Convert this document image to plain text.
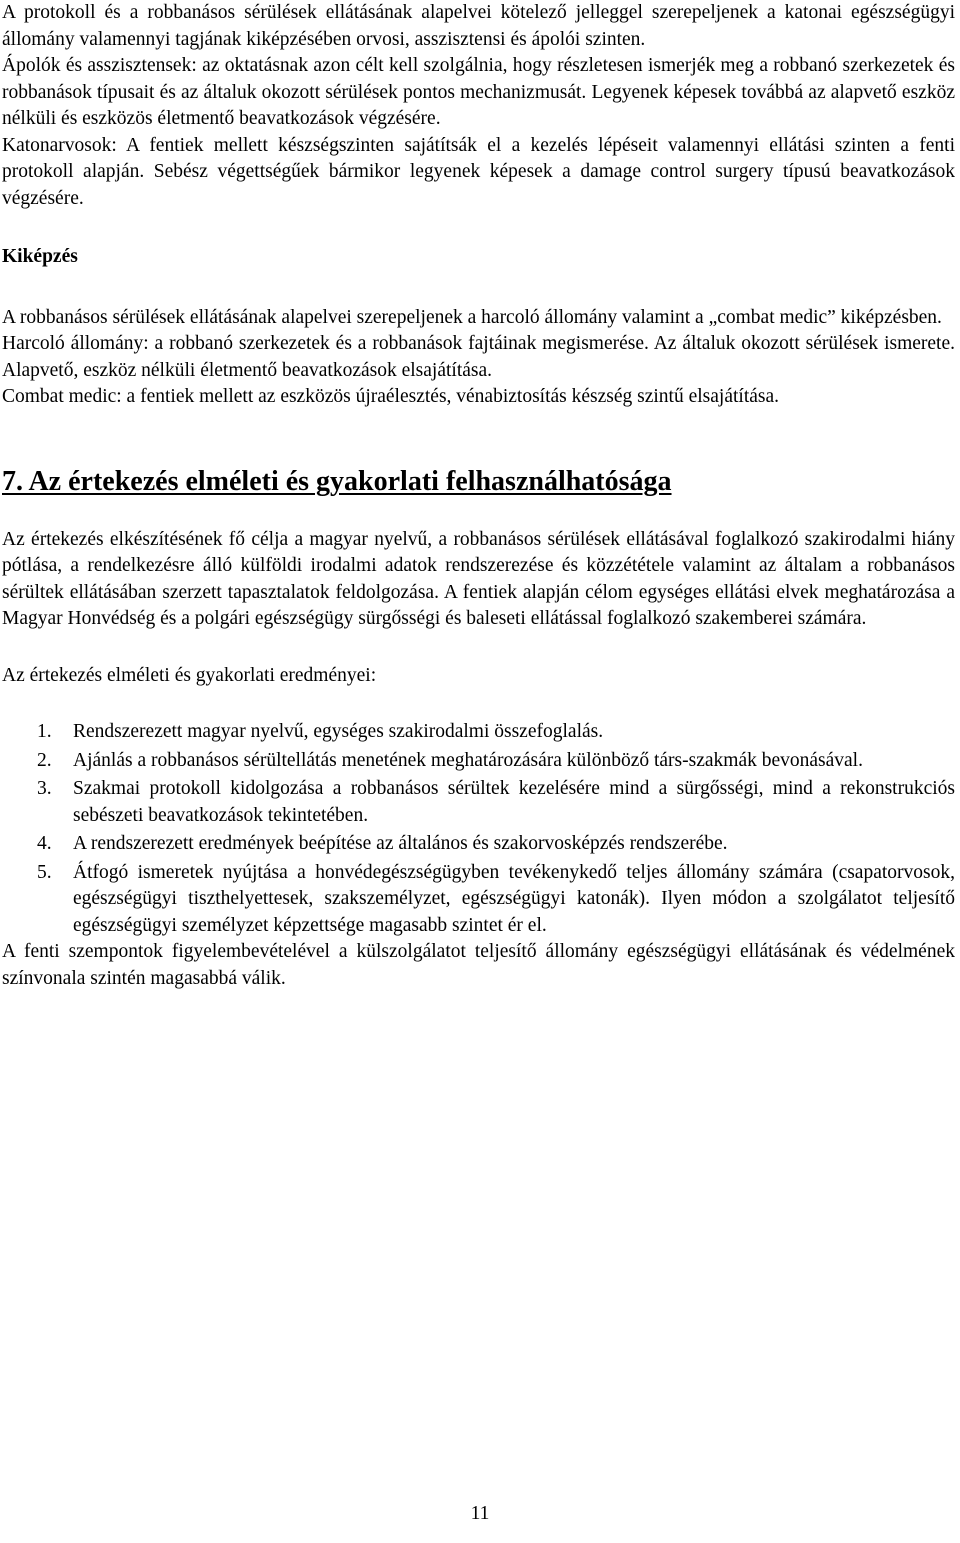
A protokoll és a robbanásos sérülések ellátásának alapelvei kötelező jelleggel szerepeljenek a katonai egészségügyi állomány valamennyi tagjának kiképzésében orvosi, asszisztensi és ápolói szinten.

Ápolók és asszisztensek: az oktatásnak azon célt kell szolgálnia, hogy részletesen ismerjék meg a robbanó szerkezetek és robbanások típusait és az általuk okozott sérülések pontos mechanizmusát. Legyenek képesek továbbá az alapvető eszköz nélküli és eszközös életmentő beavatkozások végzésére.

Katonarvosok: A fentiek mellett készségszinten sajátítsák el a kezelés lépéseit valamennyi ellátási szinten a fenti protokoll alapján. Sebész végettségűek bármikor legyenek képesek a damage control surgery típusú beavatkozások végzésére.

Kiképzés

A robbanásos sérülések ellátásának alapelvei szerepeljenek a harcoló állomány valamint a „combat medic” kiképzésben.

Harcoló állomány: a robbanó szerkezetek és a robbanások fajtáinak megismerése. Az általuk okozott sérülések ismerete. Alapvető, eszköz nélküli életmentő beavatkozások elsajátítása.

Combat medic: a fentiek mellett az eszközös újraélesztés, vénabiztosítás készség szintű elsajátítása.

7. Az értekezés elméleti és gyakorlati felhasználhatósága

Az értekezés elkészítésének fő célja a magyar nyelvű, a robbanásos sérülések ellátásával foglalkozó szakirodalmi hiány pótlása, a rendelkezésre álló külföldi irodalmi adatok rendszerezése és közzététele valamint az általam a robbanásos sérültek ellátásában szerzett tapasztalatok feldolgozása. A fentiek alapján célom egységes ellátási elvek meghatározása a Magyar Honvédség és a polgári egészségügy sürgősségi és baleseti ellátással foglalkozó szakemberei számára.

Az értekezés elméleti és gyakorlati eredményei:

1.	Rendszerezett magyar nyelvű, egységes szakirodalmi összefoglalás.
2.	Ajánlás a robbanásos sérültellátás menetének meghatározására különböző társ-szakmák bevonásával.
3.	Szakmai protokoll kidolgozása a robbanásos sérültek kezelésére mind a sürgősségi, mind a rekonstrukciós sebészeti beavatkozások tekintetében.
4.	A rendszerezett eredmények beépítése az általános és szakorvosképzés rendszerébe.
5.	Átfogó ismeretek nyújtása a honvédegészségügyben tevékenykedő teljes állomány számára (csapatorvosok, egészségügyi tiszthelyettesek, szakszemélyzet, egészségügyi katonák). Ilyen módon a szolgálatot teljesítő egészségügyi személyzet képzettsége magasabb szintet ér el.

A fenti szempontok figyelembevételével a külszolgálatot teljesítő állomány egészségügyi ellátásának és védelmének színvonala szintén magasabbá válik.

11
